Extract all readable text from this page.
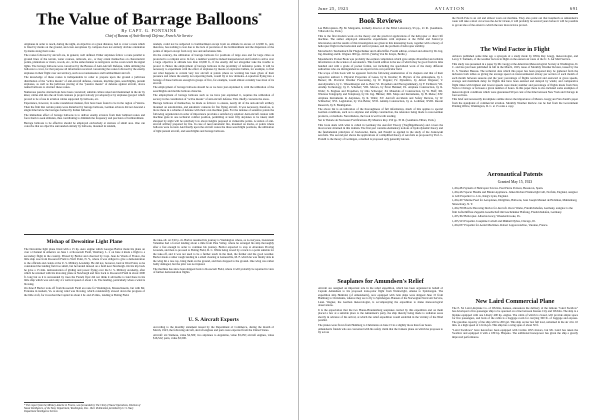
The Value of Barrage Balloons*

By CAPT. G. FONTAINE

Chief of Bureau of Anti-Aircraft Defense, French Air Service

Airplanes in order to reach, during the night, an objective at a great distance, had to cover a route which is fixed by marks on the ground, and even aeroplanes by compass does not entirely obviate orientation by marks along their route.

The routes followed by aircraft are, in general, well defined. Either airplanes follow a route parallel to ground lines of the terrain, water courses, railroads, etc., or they orient themselves on characteristic points, plantations or rivers, woods, etc., in the same manner as navigators on the ocean watch the signal lights. The barrage balloons were conceived by the Bureau of Anti-Aircraft Defense, while utilizing the balloons to cover, for that purpose all information received concerning the routes followed by the enemy airplanes in their flight over our territory, such as reconnaissance and bombardment aircraft.

The knowledge of these routes is indispensable in order to prepare upon the ground a judicious distribution of the "active means" of anti-aircraft defense, cannons, machine guns, searchlights, pursuit airplanes, as well as the judicious placing of the "passive means" of defense against aircraft, above named balloons to obstruct these routes.

Numerous passive obstructions have been conceived; suitable cables raised and maintained in the air by kites; cables slid into the air from cannons (a project nobody yet adopted) or by airplanes (project which proved to be of use in aviation cables supported by balloons, etc.

Experience, however, in some roundabout manner, first have been found to be in the region of Venice. Then the firm that certain points were disturbed by barrage balloons, German aviators did not descend a single time below the barrages formed by Italian balloons.

The immediate effect of barrage balloons is to deliver enemy aviators from their habitual routes and force them to seek altitudes, thus contributing to diminish the frequency and precision of bombardment.

Barrage balloons to be effective should be employed exclusively at stations of small area. One can conceive that an objective surrounded entirely by balloons, mounted in tandem,

tandem, could not be subjected to bombardment except from an altitude in excess of 12,000 ft., and, therefore, has nothing to fear due to the lack of precision of the bombardment and the dispersion of the points of impact except from very rare and unfortunate hits.

On the contrary, the utilization of barrage balloons for positions of large area and for large cities as protected is a complex error. In fact, a number would be indeed inexperienced and foolish to arrive over a large objective at altitude less than 10,000 ft., if the enemy did not altogether take the trouble to protect it. Hence the employment of barrage balloons in the proximity of defensive points. It will be necessary to experiment with the effect of airplanes by means of explosive bullets, for example, to find out what happens to certain very low aircraft at points where no warning has been given of their presence and where the enemy not expecting them, would fly at low altitudes. A squadron flying into a barrage of these balloons enough in groups of five, for example, would almost certainly lose most of its aircraft.

The employment of barrage balloons should be as we have just explained it, with the utilization of the searchlights and mobile balloon obstacles.

The employment of barrage balloons such as we have just explained it, requires the utilization of secrecy in the constitution of "active means" of anti-aircraft defense. This chiefly concerns the areas.

Barrage balloons of themselves, be made as follows: to ensure, nearly all of the anti-aircraft artillery mounted on automobiles, and automatic cannons for fire flying aircraft. It was necessary, therefore, to move these in a scheme of defense with their own machine guns. For the defense of sensitive points the following organization in order of importance provides a satisfactory solution: Anti-aircraft cannon with machine guns in one technical combat position, permitting at least fifty airplanes to be taken; shell shrapnel by night will be relatively low above heights prepared at vulnerable points. A station of anti-aircraft artillery prepared for fire. In case of need automatic fire, mounted on trucks, at points where balloons were located. And finally upon the aircraft routes the three searchlight positions, the utilization of light pursuit aircraft, and searchlights and barrage balloons.

Mishap of Dewoitine Light Plane

The Dewoitine light plane fitted with a 15 hp. Aero engine which Georges Barbot made his plans on over a Channel in America on June 1 at Roosevelt Field, Westbury, L. I. on June 4 made a flight to a secondary flight in the country. Piloted by Barbot and observed by Capt. Jean de Vinals of France, the little ship rose from Roosevelt Field to Wolf Point, N. Y., where it was obliged to give a demonstration to the officials and cadets at the U. S. Military Academy. He did not, however, land at West Point, as he considered the landing field too small, but he landed instead on a field near Newburgh. On his trip back he gave a 15 min. demonstration of gliding and power flying over the U. S. Military Academy, after which he returned with his motoring plane at Newburgh and flew back to Roosevelt Field in about 1000 ft. long but as it is surrounded by trees the French flyer did not think it advisable to land there in his little ship which was sold only 4 x vertical speed of about 1 m. The landing, particularly when a wind is blowing.

On June 8 Barbot took off from Roosevelt Field en route for Washington, Massachusetts, but with Mr. Fontaine in tandem, Va. A strong wind was blowing, which considerably slowed down the progress of the little craft, for it reached the Capitol in about 2 hr. and 45 min., landing at Boling Field.

the take-off. At 3:20 p. m. Barbot resumed his journey to Washington where, as is everyone, Lieutenant Valentine had a forced landing about a mile from Pine Valley, where he arranged his ship thoroughly after a fast enough in order to continue his journey. Barbot expected to stop at Aberdeen Proving Grounds, and then to proceed to Boling Field, D. C. While being towed by a truck to a point suitable for the take-off, and it was not used to be a further reach in the mud, the further and the good weather. Barbot made a rather rough landing in a small clearing at Gainesville, M. F. which he was finally able in the wing hit a tree top, bring them on the ground, and then dropped to the ground. One wing was rather badly damaged, but the pilot was not injured.

The machine has since been shipped back to Roosevelt Field, where it will probably be repaired in view of further demonstration flights.

U. S. Aircraft Exports

According to the monthly statement issued by the Department of Commerce, during the month of March, 1923, the following aircraft, aircraft engines and parts were exported from the United States.

Aircraft: six Siamese, value $2,500; two airplanes to Argentina, value $3,250; aircraft engines, value $16,522; parts, value $3,500.

* This report from the Military Attache in France, was forwarded by The Chief of Naval Operations, Division of Naval Intelligence, of the Navy Department, Washington, Dec. 1922. Publication permitted by U. S. Navy Department Intelligence Service.

June 25, 1923	AVIATION	691

Book Reviews

Les Hélicoptères. By M. Margoulis, formerly director of the Eiffel Laboratory, 93 pp., 21 ill. (Gauthiers-Villars & Cie, Paris.)

This is the first modern work on the theory and the practical applications of the helicopter or direct lift machine. The author employed exhaustive experiments with airplanes at the Eiffel and Saint-Cyr laboratories and the results of this investigation are given in this interesting book, together with a theory of helicopter flight in the horizontal and vertical planes, and the problem of helicopter stability.

Motorbuch's Taschenbuch für Flugtechniker und Luftschiffer. Fourth edition, revised and edited by Dr. Ing. Ing. Riesling and R. Wagner. 900 pp. 210 ill. (Verlag Von M. Krayn, Berlin.)

Moedebeck's Pocket Book was probably the earliest compilation which gave ample diversified and reliable information on the science of aeronautics. This fourth edition is the use of which may be good from its time handled and with a grade of pocket format, not including the specialized work of the many different authorities who are distinguished as an expert in his own particular field.

The scope of this book will be apparent from the following enumeration of its chapters and that of their respective authors: I. Physical Properties of Gases, by R. Knoller; II. Physics of the Atmosphere, by J. Berner; III. Practical Weather Forecasting, by W. Peppler; IV. Dynamics, by Alfred Wegener; V. Aerodynamics, by C. Wieselsberger and A. Betz; VI. Propellers and Photogrammetry, by F. Eichhorn; VII. Airship Technology, by E. Schubert; VIII. Motors, by Ernst Heinkel; IX. Airplane Construction, by R. Waltz; X. Engines and Propellers, by Otto Schwager; XI. Materials of Construction, by W. Hoff; XII. Wireless Telegraphy and Telephony, by Dr. Ing. Hüttner; XIII. Maps and Instruments, by H. Meise; XIV. Airplane Instruments in Airplanes, by R. Waltz; XV. Aircraft Accidents and Safety Devices, by W. Schliecher; XVI. Legislation, by Von Bebie; XVII. Airship Construction, by A. Lodtman; XVIII. Recent Research, by E. Baumgarten.

The above list is an indication of the thoroughness of full information, much of this applies to special German conditions, such as to airplane and airship construction, the reference being made to non-German products, or methods. Nevertheless, the book is well worth reading.

Sur la Théorie de Nouveaux Fortifications. By Maurice Roy. 250 pp. 35 ill. (Gauthiers-Villars, Paris.)

This book deals with what is called in Germany the Aerofoil Theory (Tragflügeltheorie) and covers the most recent obtained in this domain. The first part contains elementary notions of hydrodynamic theory and the fundamental principles of Jowkowski, Kutta, and Prandtl as applied in the study of the Joukowski aerofoils. The second part shows the applications of a simplified theory of aerofoils as proposed by Prof. L. Prandtl to the theory of Gottingen, a method is proposed only generally known.

Seaplanes for Amundsen's Relief

Aircraft are assigned an important role in the relief expedition, which has been organized in behalf of Captain Amundsen to his proposed trans-polar flight from Wainwright, Alaska to Spitsbergen. The expedition ship Heimdal, (of Amundsen's), now equipped with twin ships were shipped June 15 from Hamburg to Christiania, whence they are to fly to Spitsbergen. Hansen of the Norwegian Naval Air Service, Lieut. Wagner, the German meteorologist, is accompanying the expedition to make meteorological observations.

It is the expectation that the two Hansa-Brandenburg seaplanes carried by this expedition and on them placed a few at a suitable place to the Amundsen's party, the ship thereby being made to radiation areas shortly in advance of his arrival, at which the relief expedition would establish in the vicinity of the 82nd parallel.

The planes were flown from Hamburg to Christiania on June 15 in a slightly more than four hours.

Amundsen's friends who are concerned with his safety claim that the Jonkers plane on which he proposes to fly across

the North Pole is an old and almost worn out machine. They also point out that inasmuch as Amundsen's route will take a short cut across the Arctic Ocean, it will probably be several years before it will be possible to get an idea of the extent to which the new motors have proved.

The Wind Factor in Flight

Aviators published some time ago a synopsis of a study made by Willis Ray Gregg, meteorologist, and Leroy T. Samuels, of the weather factors in flight on the eastern air route of the U. S. Air Mail Service.

This study was presented in a paper by Mr. Gregg at the American Meteorological Society at Washington, D. C. and has just been published in full in the March, 1923, issue of Monthly Weather Review, issued by the U. S. Weather Bureau. The technical data which this paper has been prepared may be gathered from the inclusion both tables as giving the average speed on transcontinental airway per section of each month of each month between seasons and the year; percentage of flights westward and eastward at gross speeds, average and maximum delay for flights that have been assisted and delayed by winds; and comparative flight times with highest and lowest speeds were made; number and percentage of flights made from New York to Chicago or between a given number of hours. In this paper there is also included some examples of meteorological conditions which were guaranteed 90 per cent of the time between New York and Chicago in four sections.

This brief and necessarily incomplete outline shows the importance of Messrs. Gregg and Van Zandt's paper from the standpoint of commercial aviation. Monthly Weather Review can be had from the Government Printing Office, Washington, D. C. at 15 cents a copy.

Aeronautical Patents

Granted May 15, 1923

1,454,284 System of Helicopter Screws. Paul Pierre Poirson, Besancon, Spain.

1,454,432 Spacer Handle and Binder Appliance. James Richard Wainwright Gill, Norfolk, England, assignor to Gill Propeller Co. Ltd., King's Lynn, England.

1,454,457 Marine Feed for Aeroplanes, Dirigibles, Balloons, Jean Joseph Manuel de Holzman, Muhlenberg, Shrewsbury, N. Y.

1,454,709 Bosch-Throwing Device for Aircraft. Oscar Wiebe, Friedrichshafen, Germany, assignor to the firm Luftschiffbau Zeppelin Gesellschaft mit beschränkter Haftung, Friedrichshafen, Germany.

1,455,302 Helicopter. Albertus Gracy, Wheelersbrooke, Pa.

1,455,523 Propeller. Josephine Corbell and Mikhail Dybas, Chicago, Ill.

1,454,037 Propeller for Aerial Machines. Robert Lapprovenclino, Varenne, France.

New Laird Commercial Plane

The E. M. Laird Airplane Co. of Wichita, Kansas, announces the delivery of the famous "Laird Swallow" has developed a five-passenger ship to be operated on a line between Kansas City and Wichita. The ship is a biplane equipped with one Liberty 400 hp. engine. The cabin of which is closed, will provide ample space for five passengers, and back of the cabin is a baggage room for carrying 300 lb. of baggage and express. The gasoline capacity of the ship will be 200 gal. This ship on her last full load, remained in the air 4 hr. 10 min. at a high speed of 124 m.p.h. This ship has a wing span of about 50 ft.

"Laird Swallows" have heretofore been equipped with Curtiss OX5 motors, but Mr. Laird has taken the Swallow and equipped it with a 180 hp. Hispano. The additional horsepower has given the ship a greatly improved performance.
